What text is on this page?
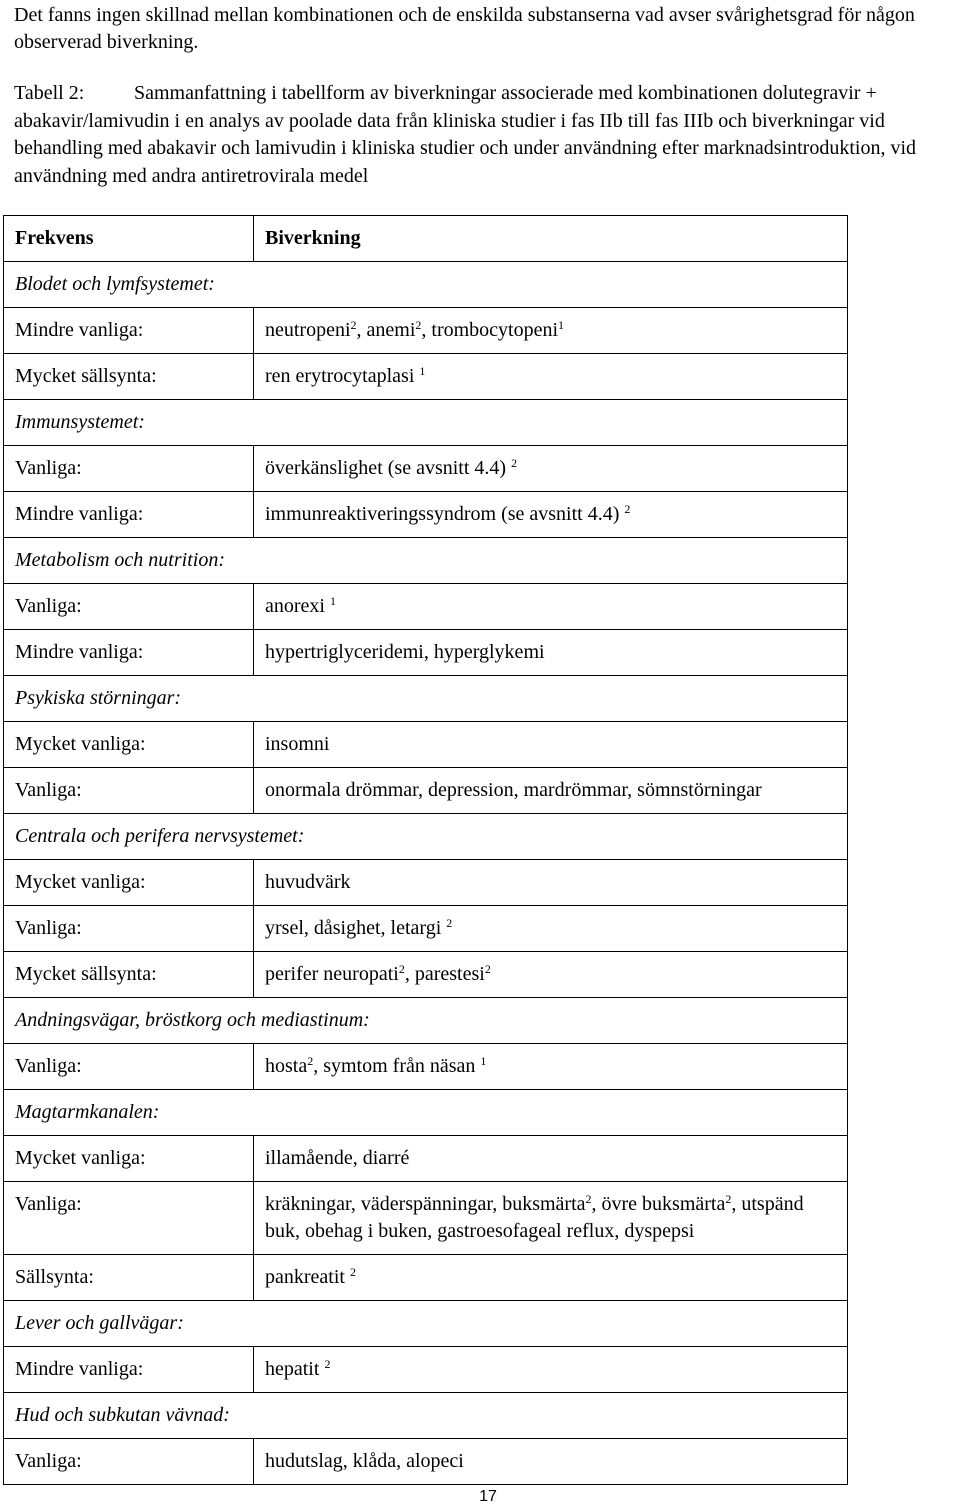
Det fanns ingen skillnad mellan kombinationen och de enskilda substanserna vad avser svårighetsgrad för någon observerad biverkning.

Tabell 2: Sammanfattning i tabellform av biverkningar associerade med kombinationen dolutegravir + abakavir/lamivudin i en analys av poolade data från kliniska studier i fas IIb till fas IIIb och biverkningar vid behandling med abakavir och lamivudin i kliniska studier och under användning efter marknadsintroduktion, vid användning med andra antiretrovirala medel

Frekvens	Biverkning
Blodet och lymfsystemet:	
Mindre vanliga:	neutropeni$^2$, anemi$^2$, trombocytopeni$^1$
Mycket sällsynta:	ren erytrocytaplasi $^1$
Immunsystemet:	
Vanliga:	överkänslighet (se avsnitt 4.4) $^2$
Mindre vanliga:	immunreaktiveringssyndrom (se avsnitt 4.4) $^2$
Metabolism och nutrition:	
Vanliga:	anorexi $^1$
Mindre vanliga:	hypertriglyceridemi, hyperglykemi
Psykiska störningar:	
Mycket vanliga:	insomni
Vanliga:	onormala drömmar, depression, mardrömmar, sömnstörningar
Centrala och perifera nervsystemet:	
Mycket vanliga:	huvudvärk
Vanliga:	yrsel, dåsighet, letargi $^2$
Mycket sällsynta:	perifer neuropati$^2$, parestesi$^2$
Andningsvägar, bröstkorg och mediastinum:	
Vanliga:	hosta$^2$, symtom från näsan $^1$
Magtarmkanalen:	
Mycket vanliga:	illamående, diarré
Vanliga:	kräkningar, väderspänningar, buksmärta$^2$, övre buksmärta$^2$, utspänd buk, obehag i buken, gastroesofageal reflux, dyspepsi
Sällsynta:	pankreatit $^2$
Lever och gallvägar:	
Mindre vanliga:	hepatit $^2$
Hud och subkutan vävnad:	
Vanliga:	hudutslag, klåda, alopeci
17
